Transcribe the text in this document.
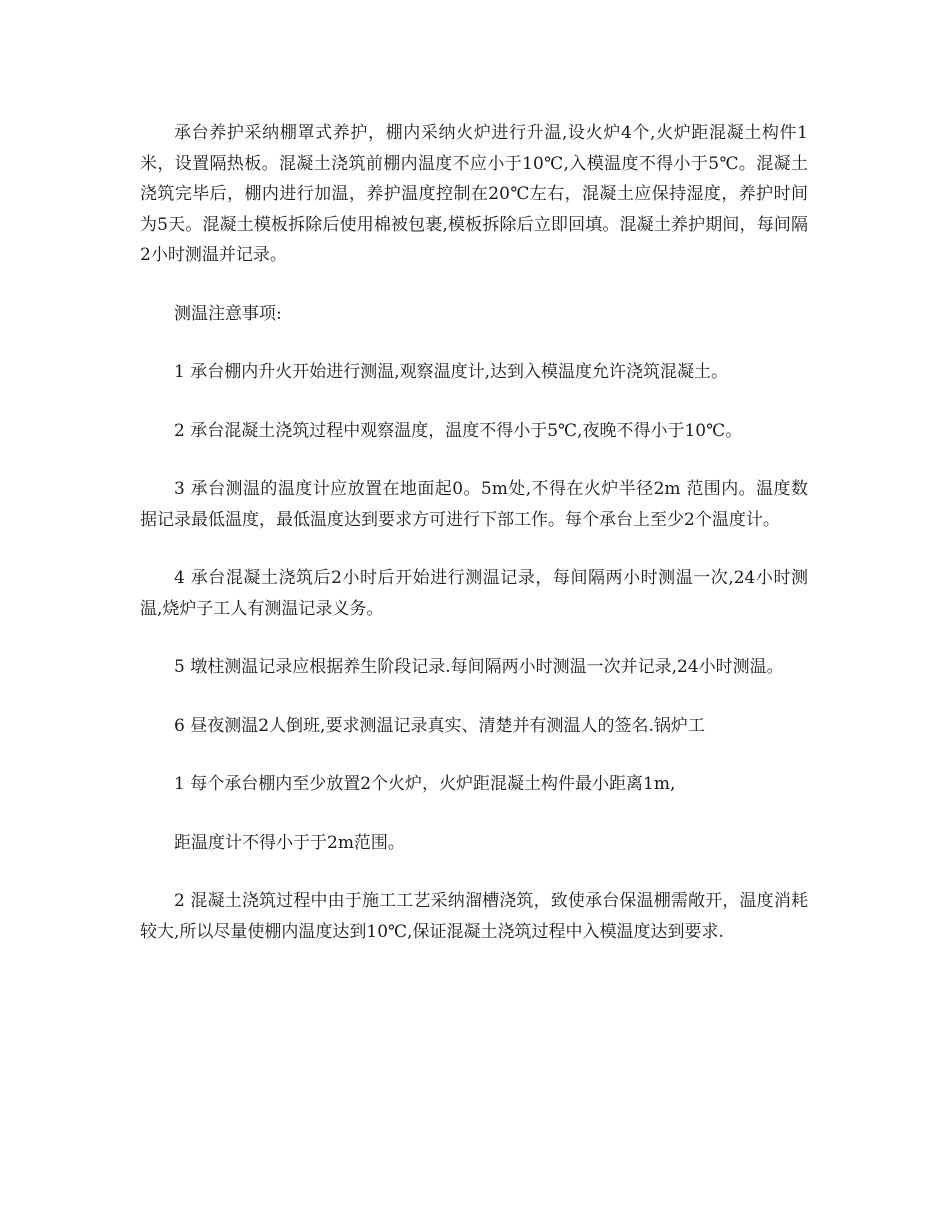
承台养护采纳棚罩式养护，棚内采纳火炉进行升温,设火炉4个,火炉距混凝土构件1米，设置隔热板。混凝土浇筑前棚内温度不应小于10℃,入模温度不得小于5℃。混凝土浇筑完毕后，棚内进行加温，养护温度控制在20℃左右，混凝土应保持湿度，养护时间为5天。混凝土模板拆除后使用棉被包裹,模板拆除后立即回填。混凝土养护期间，每间隔2小时测温并记录。

测温注意事项:

1 承台棚内升火开始进行测温,观察温度计,达到入模温度允许浇筑混凝土。

2 承台混凝土浇筑过程中观察温度，温度不得小于5℃,夜晚不得小于10℃。

3 承台测温的温度计应放置在地面起0。5m处,不得在火炉半径2m 范围内。温度数据记录最低温度，最低温度达到要求方可进行下部工作。每个承台上至少2个温度计。

4 承台混凝土浇筑后2小时后开始进行测温记录，每间隔两小时测温一次,24小时测温,烧炉子工人有测温记录义务。

5 墩柱测温记录应根据养生阶段记录.每间隔两小时测温一次并记录,24小时测温。

6 昼夜测温2人倒班,要求测温记录真实、清楚并有测温人的签名.锅炉工

1 每个承台棚内至少放置2个火炉，火炉距混凝土构件最小距离1m,

距温度计不得小于于2m范围。

2 混凝土浇筑过程中由于施工工艺采纳溜槽浇筑，致使承台保温棚需敞开，温度消耗较大,所以尽量使棚内温度达到10℃,保证混凝土浇筑过程中入模温度达到要求.
